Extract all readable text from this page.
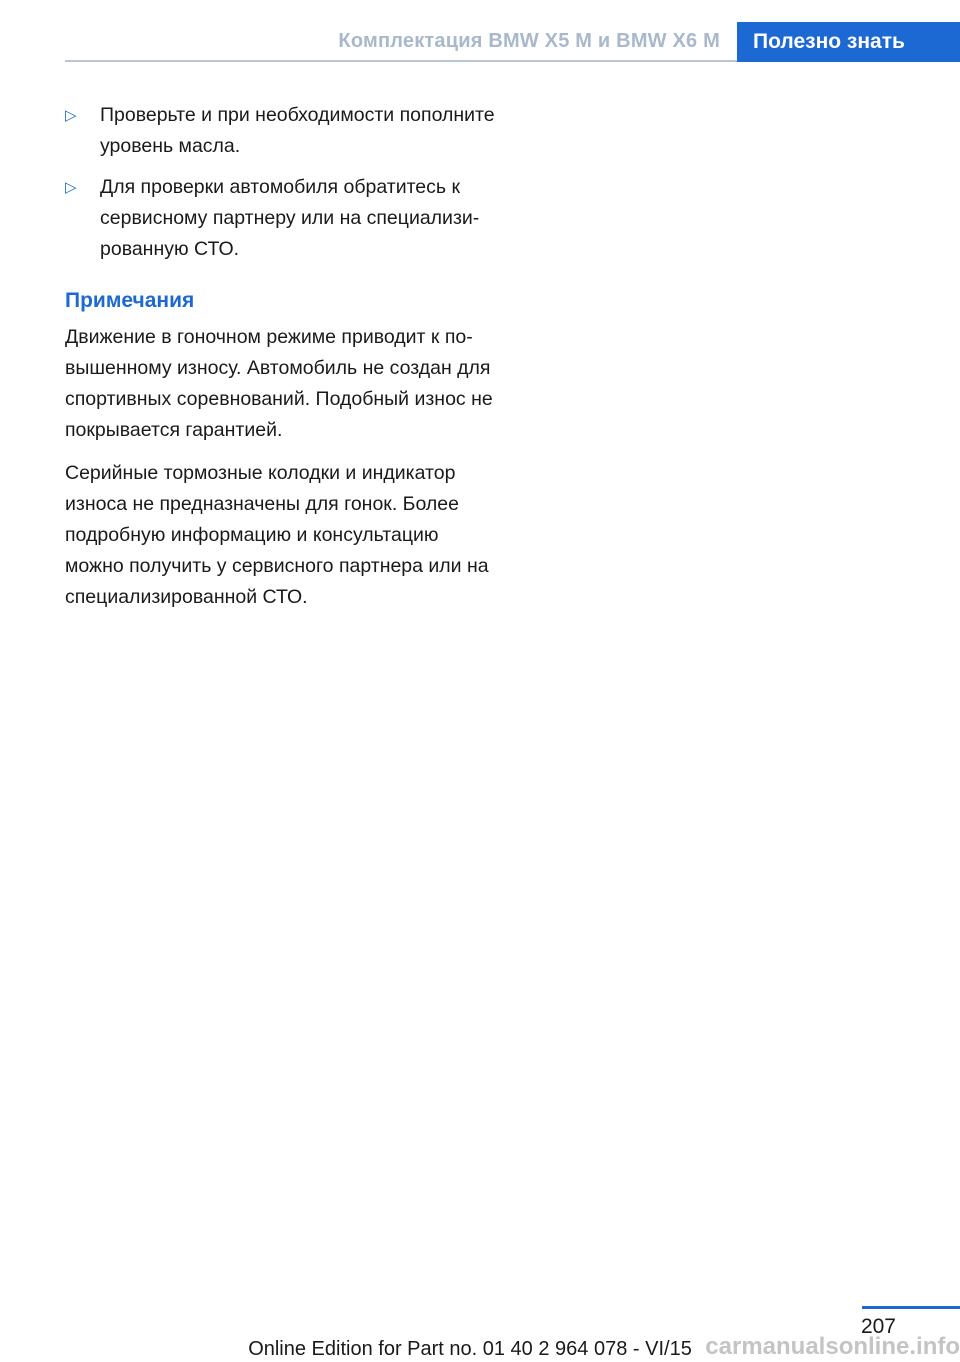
Комплектация BMW X5 M и BMW X6 M	Полезно знать
▷ Проверьте и при необходимости пополните уровень масла.
▷ Для проверки автомобиля обратитесь к сервисному партнеру или на специализированную СТО.
Примечания

Движение в гоночном режиме приводит к повышенному износу. Автомобиль не создан для спортивных соревнований. Подобный износ не покрывается гарантией.

Серийные тормозные колодки и индикатор износа не предназначены для гонок. Более подробную информацию и консультацию можно получить у сервисного партнера или на специализированной СТО.

207
Online Edition for Part no. 01 40 2 964 078 - VI/15 carmanualsonline.info
